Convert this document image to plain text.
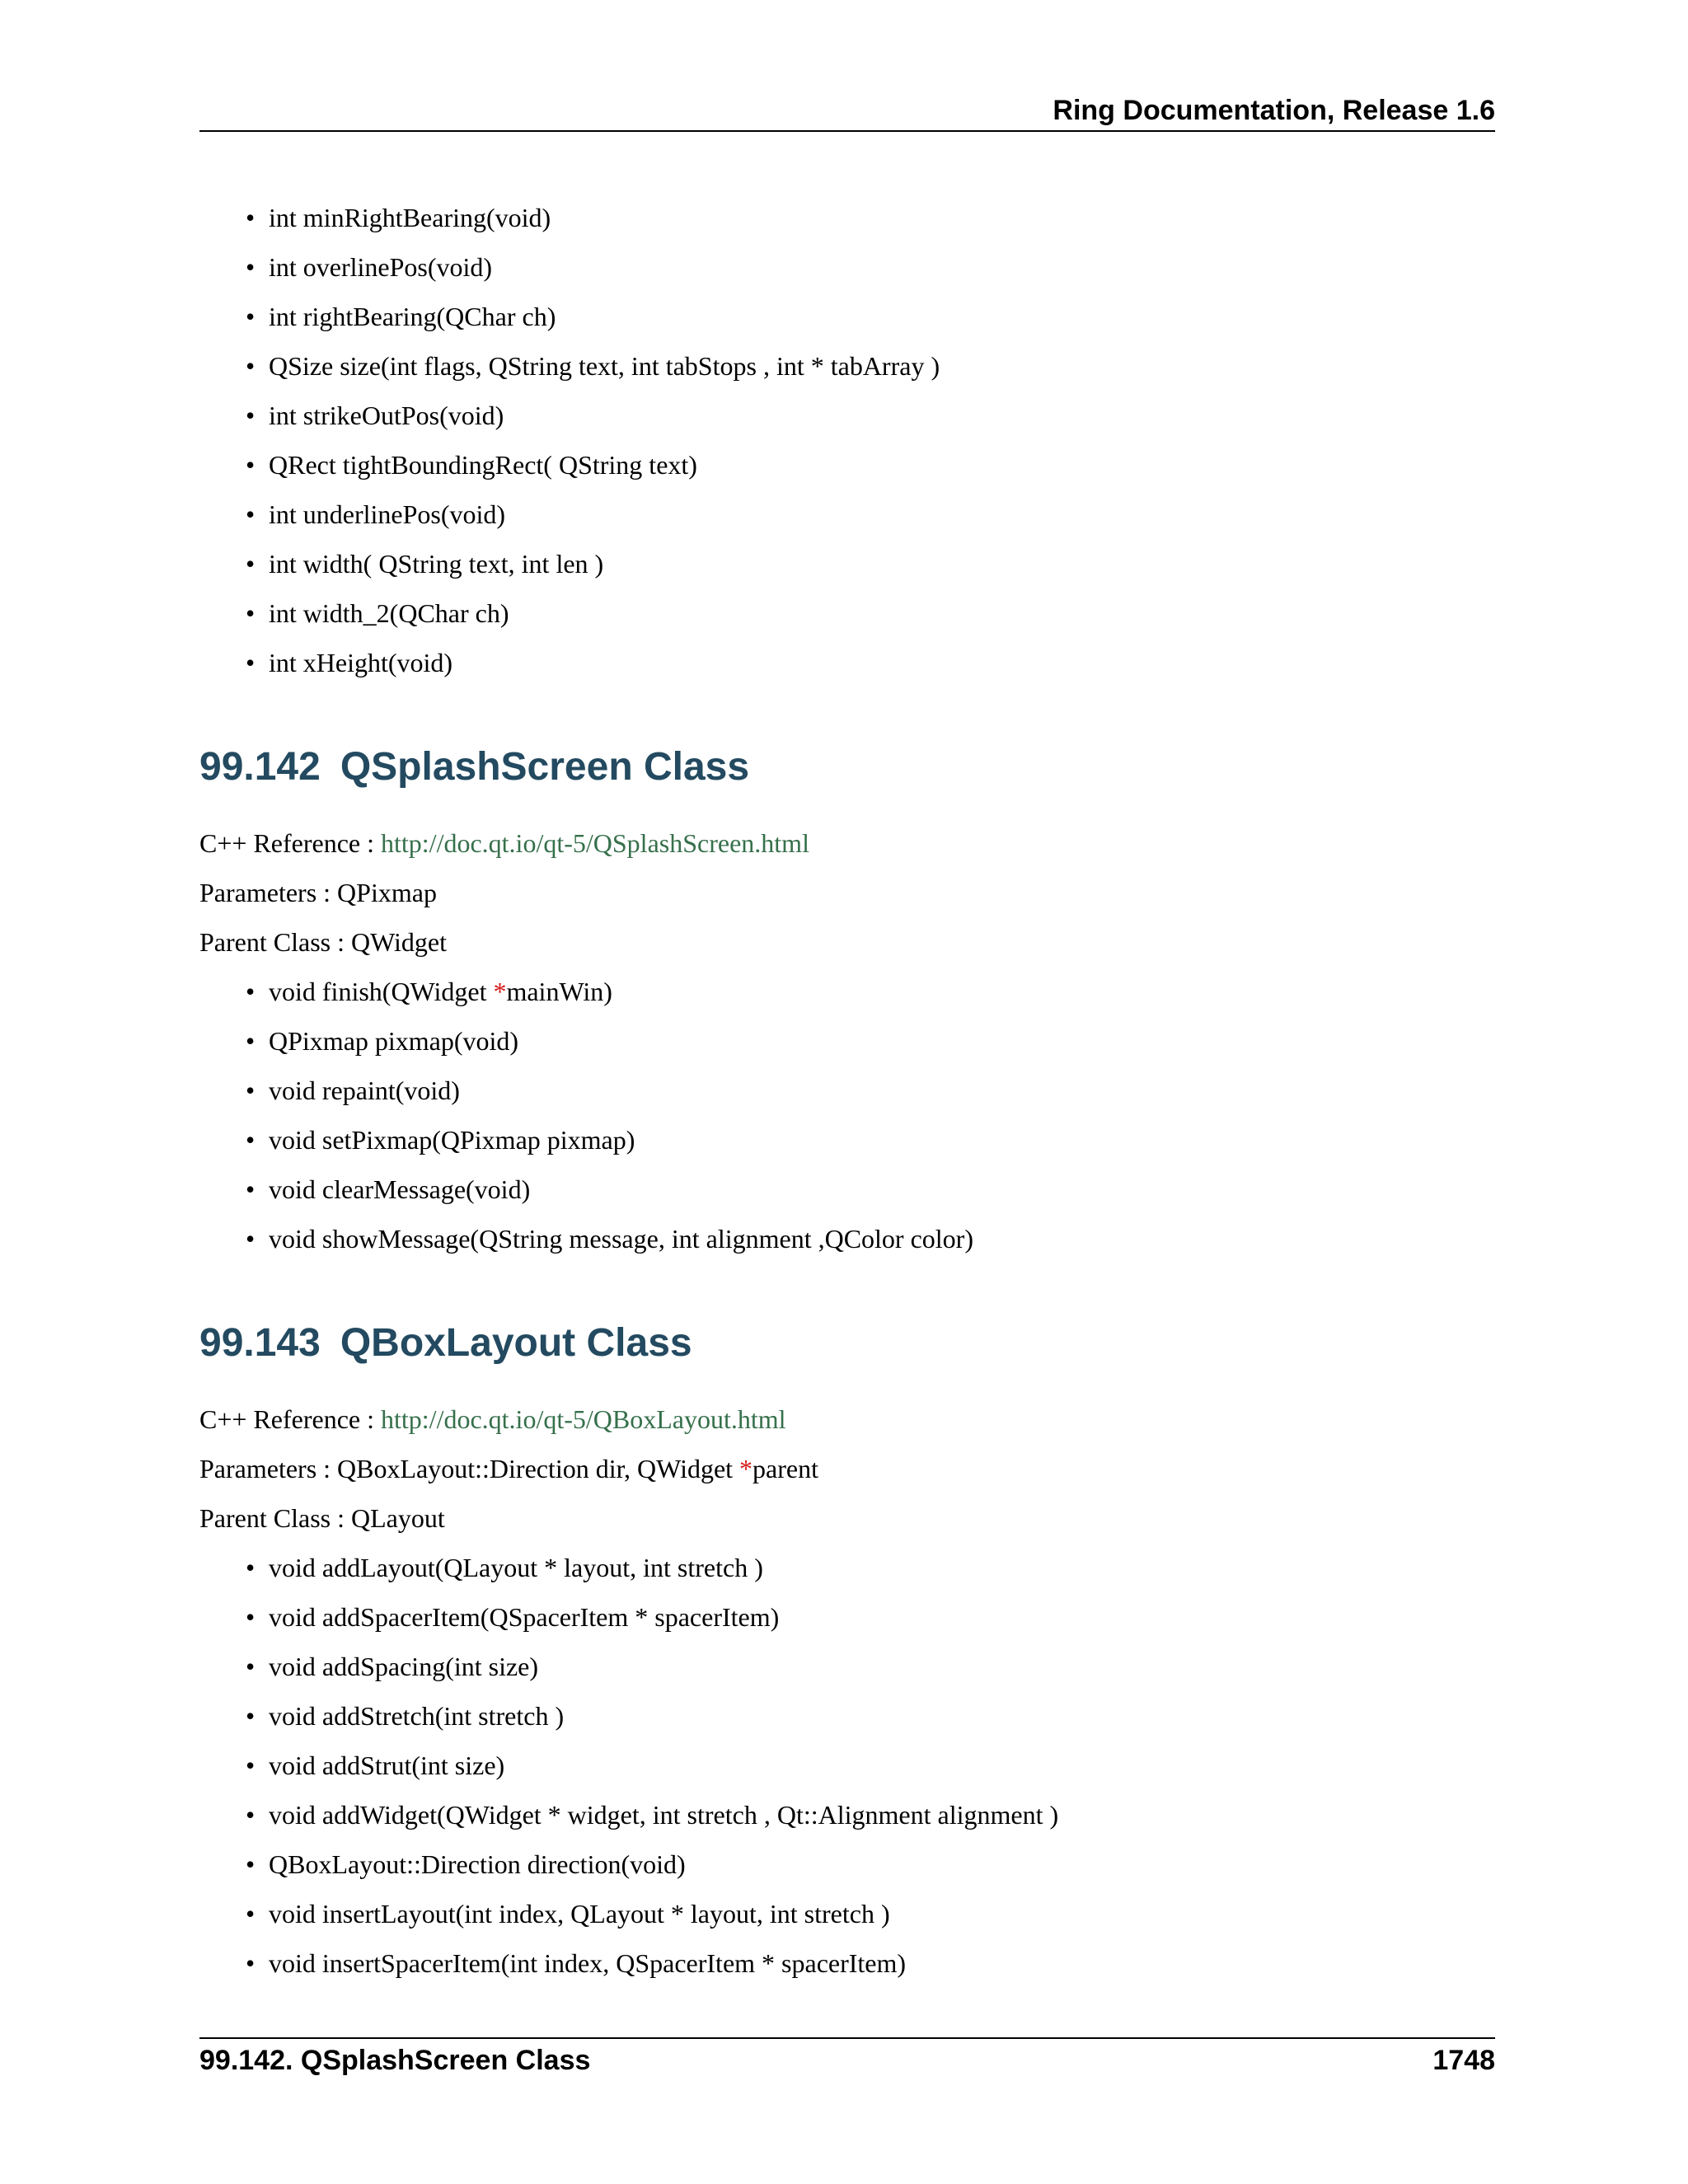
Ring Documentation, Release 1.6
• int minRightBearing(void)
• int overlinePos(void)
• int rightBearing(QChar ch)
• QSize size(int flags, QString text, int tabStops , int * tabArray )
• int strikeOutPos(void)
• QRect tightBoundingRect( QString text)
• int underlinePos(void)
• int width( QString text, int len )
• int width_2(QChar ch)
• int xHeight(void)
99.142 QSplashScreen Class
C++ Reference : http://doc.qt.io/qt-5/QSplashScreen.html
Parameters : QPixmap
Parent Class : QWidget
• void finish(QWidget *mainWin)
• QPixmap pixmap(void)
• void repaint(void)
• void setPixmap(QPixmap pixmap)
• void clearMessage(void)
• void showMessage(QString message, int alignment ,QColor color)
99.143 QBoxLayout Class
C++ Reference : http://doc.qt.io/qt-5/QBoxLayout.html
Parameters : QBoxLayout::Direction dir, QWidget *parent
Parent Class : QLayout
• void addLayout(QLayout * layout, int stretch )
• void addSpacerItem(QSpacerItem * spacerItem)
• void addSpacing(int size)
• void addStretch(int stretch )
• void addStrut(int size)
• void addWidget(QWidget * widget, int stretch , Qt::Alignment alignment )
• QBoxLayout::Direction direction(void)
• void insertLayout(int index, QLayout * layout, int stretch )
• void insertSpacerItem(int index, QSpacerItem * spacerItem)
99.142. QSplashScreen Class	1748
